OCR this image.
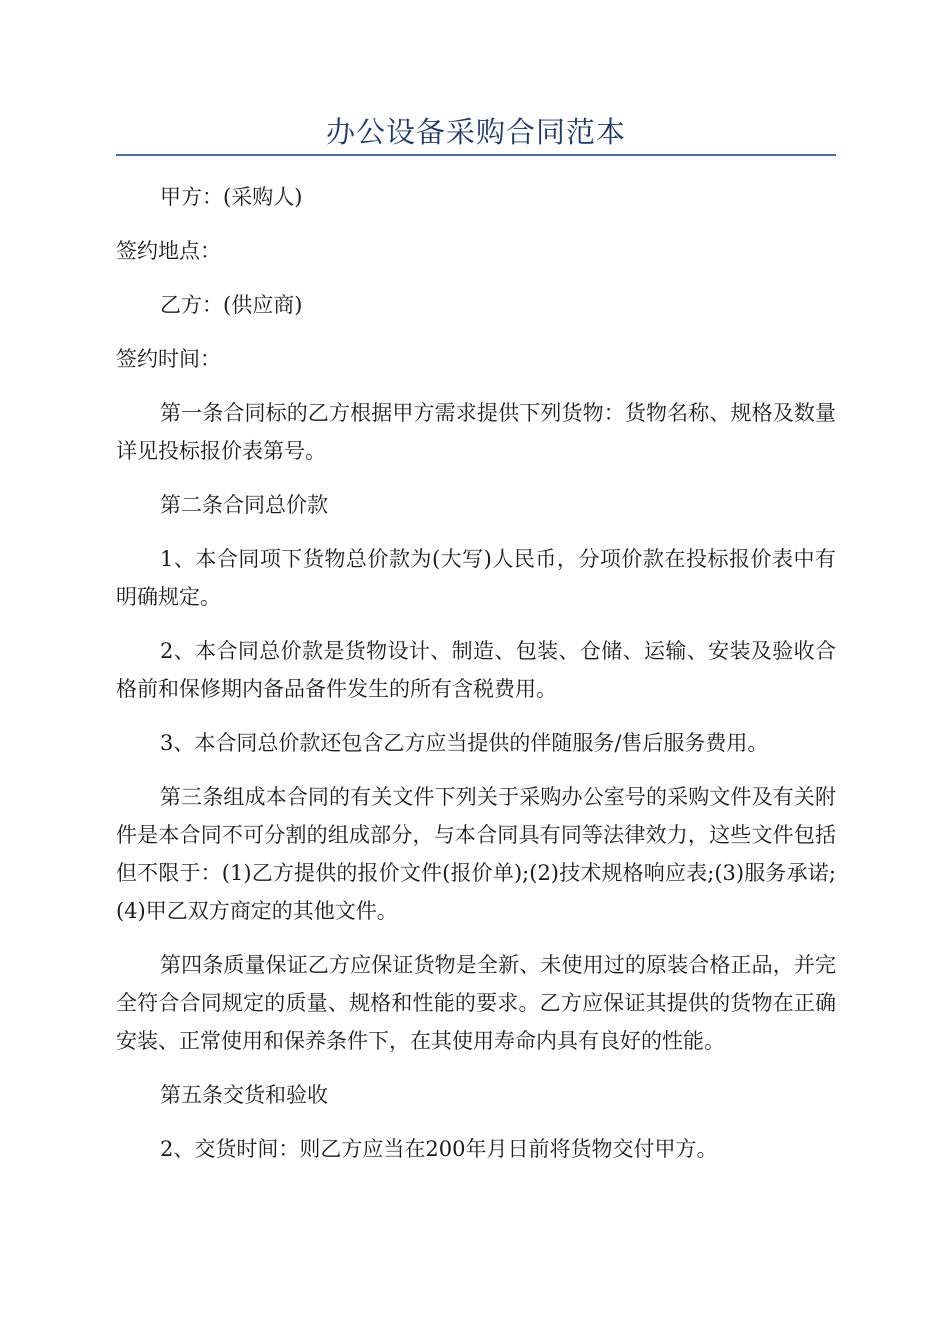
办公设备采购合同范本

甲方：(采购人)

签约地点：

乙方：(供应商)

签约时间：

第一条合同标的乙方根据甲方需求提供下列货物：货物名称、规格及数量详见投标报价表第号。

第二条合同总价款

1、本合同项下货物总价款为(大写)人民币，分项价款在投标报价表中有明确规定。

2、本合同总价款是货物设计、制造、包装、仓储、运输、安装及验收合格前和保修期内备品备件发生的所有含税费用。

3、本合同总价款还包含乙方应当提供的伴随服务/售后服务费用。

第三条组成本合同的有关文件下列关于采购办公室号的采购文件及有关附件是本合同不可分割的组成部分，与本合同具有同等法律效力，这些文件包括但不限于：(1)乙方提供的报价文件(报价单);(2)技术规格响应表;(3)服务承诺;(4)甲乙双方商定的其他文件。

第四条质量保证乙方应保证货物是全新、未使用过的原装合格正品，并完全符合合同规定的质量、规格和性能的要求。乙方应保证其提供的货物在正确安装、正常使用和保养条件下，在其使用寿命内具有良好的性能。

第五条交货和验收

2、交货时间：则乙方应当在200年月日前将货物交付甲方。
